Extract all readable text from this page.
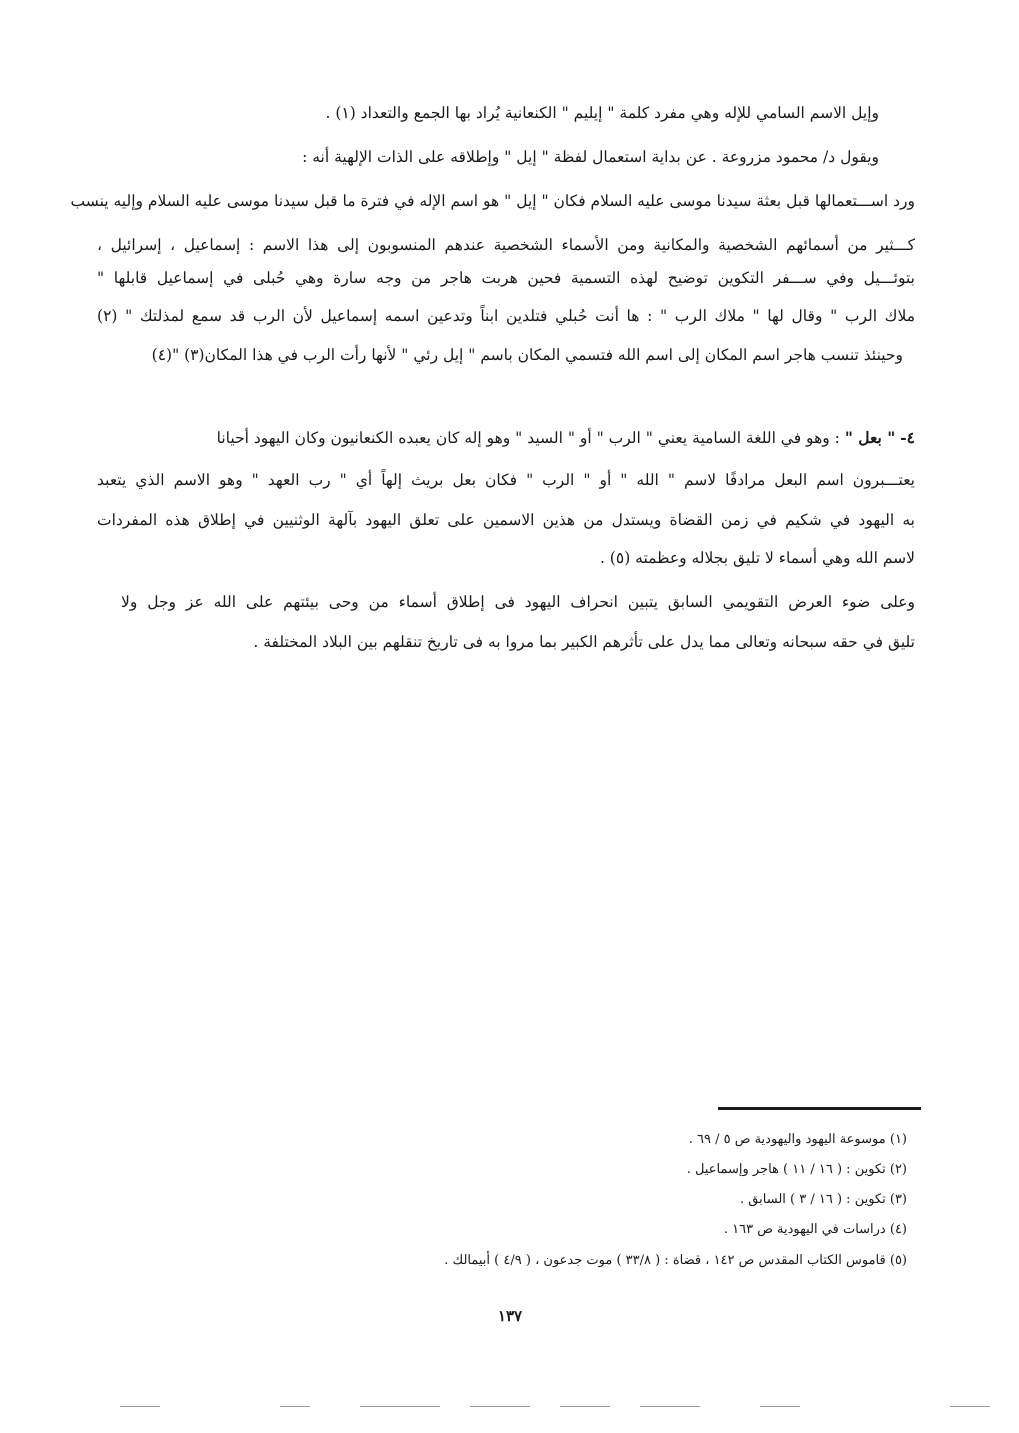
وإيل الاسم السامي للإله وهي مفرد كلمة " إيليم " الكنعانية يُراد بها الجمع والتعداد (١) .
ويقول د/ محمود مزروعة . عن بداية استعمال لفظة " إيل " وإطلاقه على الذات الإلهية أنه :
ورد اســـتعمالها قبل بعثة سيدنا موسى عليه السلام فكان " إيل " هو اسم الإله في فترة ما قبل سيدنا موسى عليه السلام وإليه ينسب
كـــثير من أسمائهم الشخصية والمكانية ومن الأسماء الشخصية عندهم المنسوبون إلى هذا الاسم : إسماعيل ، إسرائيل ،
بتوئـــيل وفي ســـفر التكوين توضيح لهذه التسمية فحين هربت هاجر من وجه سارة وهي حُبلى في إسماعيل قابلها "
ملاك الرب " وقال لها " ملاك الرب " : ها أنت حُبلي فتلدين ابناً وتدعين اسمه إسماعيل لأن الرب قد سمع لمذلتك " (٢)
وحينئذ تنسب هاجر اسم المكان إلى اسم الله فتسمي المكان باسم " إيل رئي " لأنها رأت الرب في هذا المكان(٣) "(٤)
٤- " بعل " : وهو في اللغة السامية يعني " الرب " أو " السيد " وهو إله كان يعبده الكنعانيون وكان اليهود أحيانا
يعتـــبرون اسم البعل مرادفًا لاسم " الله " أو " الرب " فكان بعل بريث إلهاً أي " رب العهد " وهو الاسم الذي يتعبد
به اليهود في شكيم في زمن القضاة ويستدل من هذين الاسمين على تعلق اليهود بآلهة الوثنيين في إطلاق هذه المفردات
لاسم الله وهي أسماء لا تليق بجلاله وعظمته (٥) .
وعلى ضوء العرض التقويمي السابق يتبين انحراف اليهود فى إطلاق أسماء من وحى بيئتهم على الله عز وجل ولا
تليق في حقه سبحانه وتعالى مما يدل على تأثرهم الكبير بما مروا به فى تاريخ تنقلهم بين البلاد المختلفة .
(١) موسوعة اليهود واليهودية ص ٥ / ٦٩ .
(٢) تكوين : ( ١٦ / ١١ ) هاجر وإسماعيل .
(٣) تكوين : ( ١٦ / ٣ ) السابق .
(٤) دراسات في اليهودية ص ١٦٣ .
(٥) قاموس الكتاب المقدس ص ١٤٢ ، قضاة : ( ٣٣/٨ ) موت جدعون ، ( ٤/٩ ) أبيمالك .
١٣٧
